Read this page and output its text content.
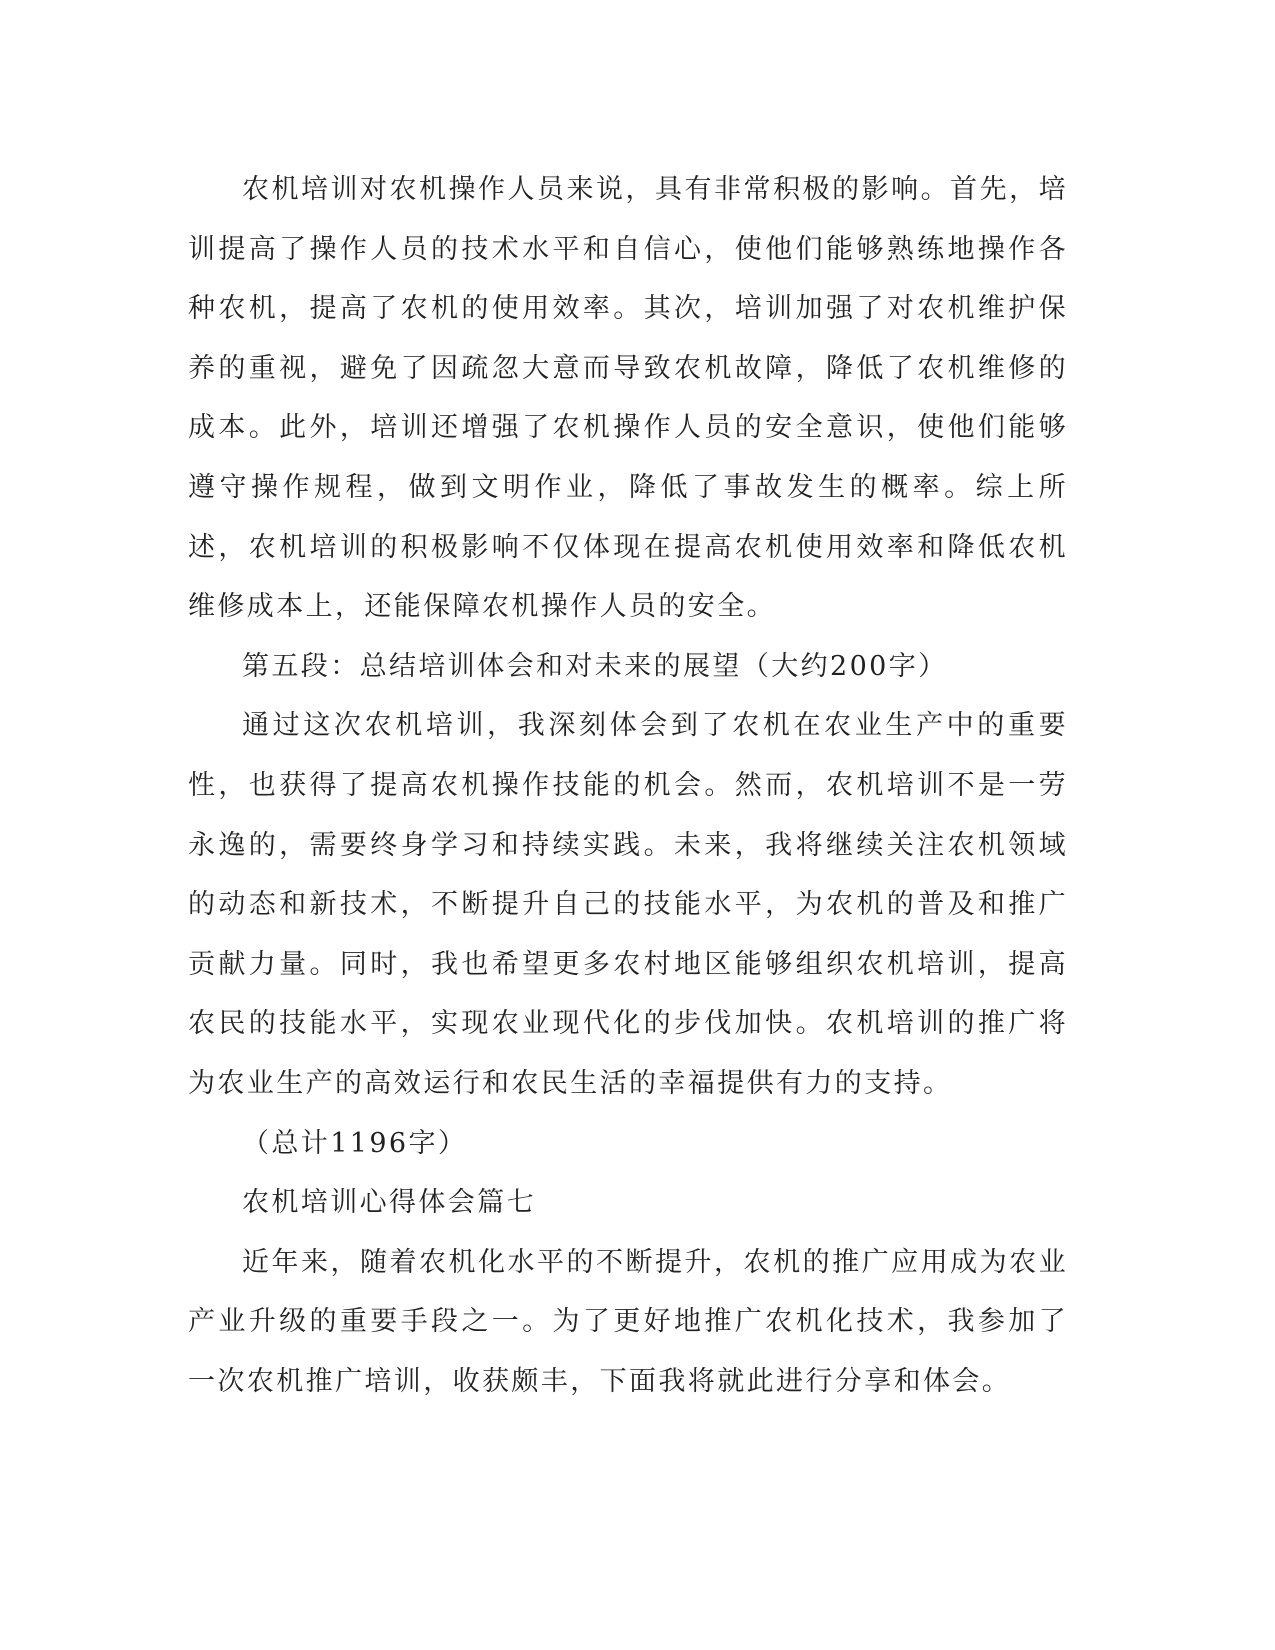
农机培训对农机操作人员来说，具有非常积极的影响。首先，培训提高了操作人员的技术水平和自信心，使他们能够熟练地操作各种农机，提高了农机的使用效率。其次，培训加强了对农机维护保养的重视，避免了因疏忽大意而导致农机故障，降低了农机维修的成本。此外，培训还增强了农机操作人员的安全意识，使他们能够遵守操作规程，做到文明作业，降低了事故发生的概率。综上所述，农机培训的积极影响不仅体现在提高农机使用效率和降低农机维修成本上，还能保障农机操作人员的安全。

第五段：总结培训体会和对未来的展望（大约200字）

通过这次农机培训，我深刻体会到了农机在农业生产中的重要性，也获得了提高农机操作技能的机会。然而，农机培训不是一劳永逸的，需要终身学习和持续实践。未来，我将继续关注农机领域的动态和新技术，不断提升自己的技能水平，为农机的普及和推广贡献力量。同时，我也希望更多农村地区能够组织农机培训，提高农民的技能水平，实现农业现代化的步伐加快。农机培训的推广将为农业生产的高效运行和农民生活的幸福提供有力的支持。

（总计1196字）

农机培训心得体会篇七

近年来，随着农机化水平的不断提升，农机的推广应用成为农业产业升级的重要手段之一。为了更好地推广农机化技术，我参加了一次农机推广培训，收获颇丰，下面我将就此进行分享和体会。
